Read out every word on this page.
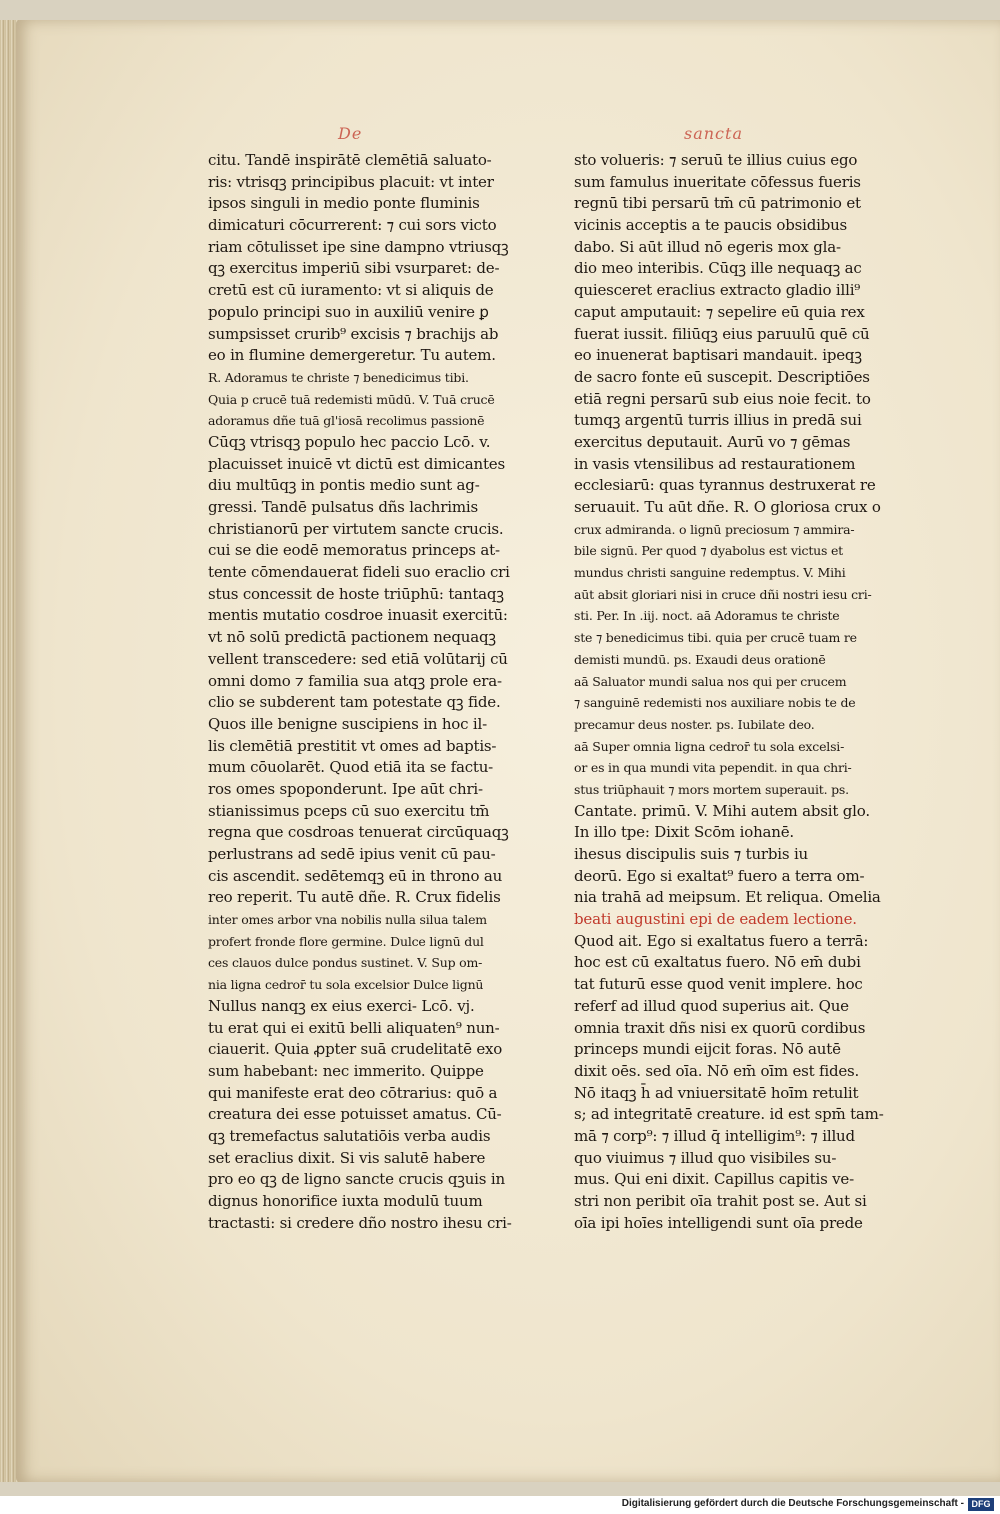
De	sancta
citu. Tandē inspirātē clemētiā saluato-
ris: vtrisqꝫ principibus placuit: vt inter
ipsos singuli in medio ponte fluminis
dimicaturi cōcurrerent: ⁊ cui sors victo
riam cōtulisset ipe sine dampno vtriusqꝫ
qꝫ exercitus imperiū sibi vsurparet: de-
cretū est cū iuramento: vt si aliquis de
populo principi suo in auxiliū venire ꝑ
sumpsisset crurib⁹ excisis ⁊ brachijs ab
eo in flumine demergeretur. Tu autem.
R. Adoramus te christe ⁊ benedicimus tibi.
Quia p crucē tuā redemisti mūdū. V. Tuā crucē
adoramus dñe tuā gl'iosā recolimus passionē
Cūqꝫ vtrisqꝫ populo hec paccio Lcō. v.
placuisset inuicē vt dictū est dimicantes
diu multūqꝫ in pontis medio sunt ag-
gressi. Tandē pulsatus dñs lachrimis
christianorū per virtutem sancte crucis.
cui se die eodē memoratus princeps at-
tente cōmendauerat fideli suo eraclio cri
stus concessit de hoste triūphū: tantaqꝫ
mentis mutatio cosdroe inuasit exercitū:
vt nō solū predictā pactionem nequaqꝫ
vellent transcedere: sed etiā volūtarij cū
omni domo ⁊ familia sua atqꝫ prole era-
clio se subderent tam potestate qꝫ fide.
Quos ille benigne suscipiens in hoc il-
lis clemētiā prestitit vt omes ad baptis-
mum cōuolarēt. Quod etiā ita se factu-
ros omes spoponderunt. Ipe aūt chri-
stianissimus pceps cū suo exercitu tm̄
regna que cosdroas tenuerat circūquaqꝫ
perlustrans ad sedē ipius venit cū pau-
cis ascendit. sedētemqꝫ eū in throno au
reo reperit. Tu autē dñe. R. Crux fidelis
inter omes arbor vna nobilis nulla silua talem
profert fronde flore germine. Dulce lignū dul
ces clauos dulce pondus sustinet. V. Sup om-
nia ligna cedror̄ tu sola excelsior Dulce lignū
Nullus nanqꝫ ex eius exerci- Lcō. vj.
tu erat qui ei exitū belli aliquaten⁹ nun-
ciauerit. Quia ꝓpter suā crudelitatē exo
sum habebant: nec immerito. Quippe
qui manifeste erat deo cōtrarius: quō a
creatura dei esse potuisset amatus. Cū-
qꝫ tremefactus salutatiōis verba audis
set eraclius dixit. Si vis salutē habere
pro eo qꝫ de ligno sancte crucis qꝫuis in
dignus honorifice iuxta modulū tuum
tractasti: si credere dño nostro ihesu cri-
sto volueris: ⁊ seruū te illius cuius ego
sum famulus inueritate cōfessus fueris
regnū tibi persarū tm̄ cū patrimonio et
vicinis acceptis a te paucis obsidibus
dabo. Si aūt illud nō egeris mox gla-
dio meo interibis. Cūqꝫ ille nequaqꝫ ac
quiesceret eraclius extracto gladio illi⁹
caput amputauit: ⁊ sepelire eū quia rex
fuerat iussit. filiūqꝫ eius paruulū quē cū
eo inuenerat baptisari mandauit. ipeqꝫ
de sacro fonte eū suscepit. Descriptiōes
etiā regni persarū sub eius noie fecit. to
tumqꝫ argentū turris illius in predā sui
exercitus deputauit. Aurū vo ⁊ gēmas
in vasis vtensilibus ad restaurationem
ecclesiarū: quas tyrannus destruxerat re
seruauit. Tu aūt dñe. R. O gloriosa crux o
crux admiranda. o lignū preciosum ⁊ ammira-
bile signū. Per quod ⁊ dyabolus est victus et
mundus christi sanguine redemptus. V. Mihi
aūt absit gloriari nisi in cruce dñi nostri iesu cri-
sti. Per. In .iij. noct. aā Adoramus te christe
ste ⁊ benedicimus tibi. quia per crucē tuam re
demisti mundū. ps. Exaudi deus orationē
aā Saluator mundi salua nos qui per crucem
⁊ sanguinē redemisti nos auxiliare nobis te de
precamur deus noster. ps. Iubilate deo.
aā Super omnia ligna cedror̄ tu sola excelsi-
or es in qua mundi vita pependit. in qua chri-
stus triūphauit ⁊ mors mortem superauit. ps.
Cantate. primū. V. Mihi autem absit glo.
In illo tpe: Dixit Scōm iohanē.
ihesus discipulis suis ⁊ turbis iu
deorū. Ego si exaltat⁹ fuero a terra om-
nia trahā ad meipsum. Et reliqua. Omelia
beati augustini epi de eadem lectione.
Quod ait. Ego si exaltatus fuero a terrā:
hoc est cū exaltatus fuero. Nō em̄ dubi
tat futurū esse quod venit implere. hoc
referf ad illud quod superius ait. Que
omnia traxit dñs nisi ex quorū cordibus
princeps mundi eijcit foras. Nō autē
dixit oēs. sed oīa. Nō em̄ oīm est fides.
Nō itaqꝫ h̄ ad vniuersitatē hoīm retulit
s; ad integritatē creature. id est spm̄ tam-
mā ⁊ corp⁹: ⁊ illud q̄ intelligim⁹: ⁊ illud
quo viuimus ⁊ illud quo visibiles su-
mus. Qui eni dixit. Capillus capitis ve-
stri non peribit oīa trahit post se. Aut si
oīa ipi hoīes intelligendi sunt oīa prede
Digitalisierung gefördert durch die Deutsche Forschungsgemeinschaft - DFG
